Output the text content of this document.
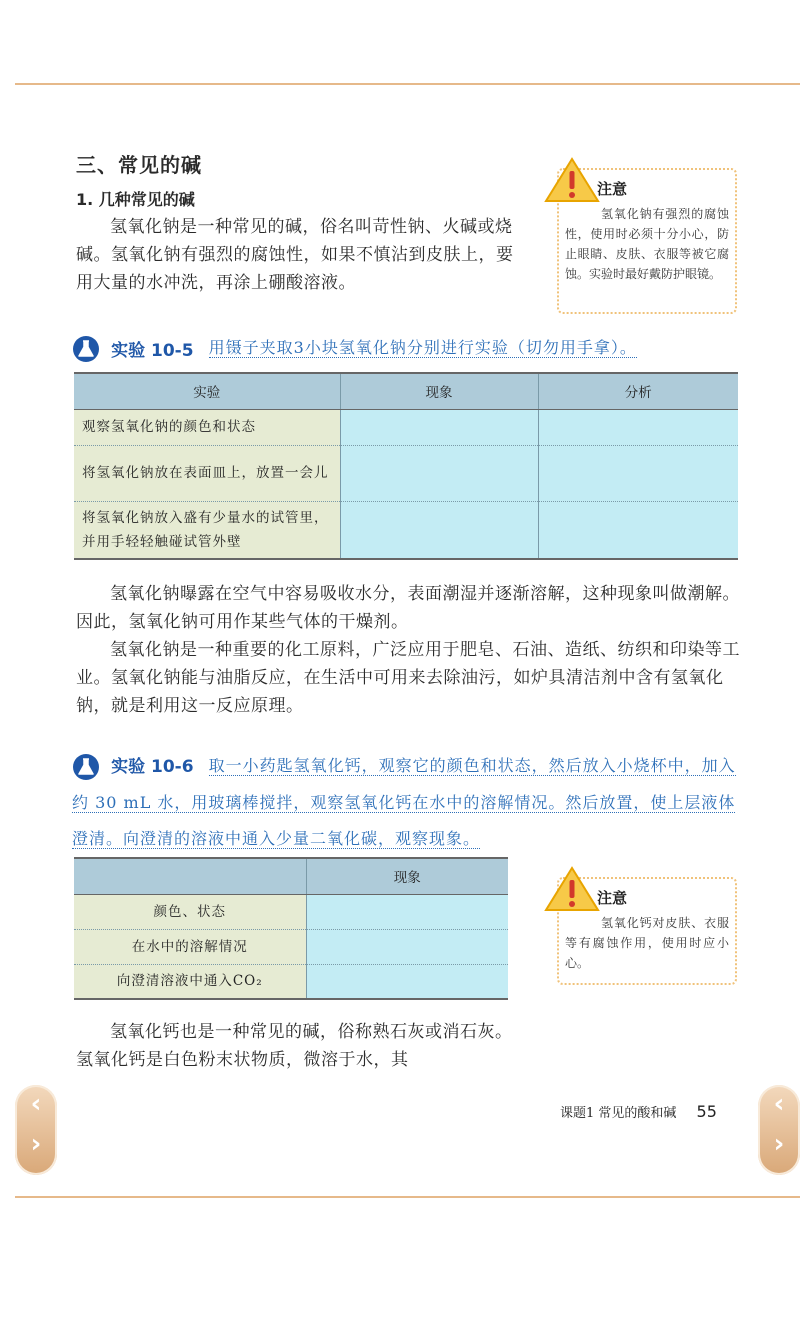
三、常见的碱
1. 几种常见的碱

氢氧化钠是一种常见的碱，俗名叫苛性钠、火碱或烧碱。氢氧化钠有强烈的腐蚀性，如果不慎沾到皮肤上，要用大量的水冲洗，再涂上硼酸溶液。

注意
氢氧化钠有强烈的腐蚀性，使用时必须十分小心，防止眼睛、皮肤、衣服等被它腐蚀。实验时最好戴防护眼镜。
实验 10-5 用镊子夹取3小块氢氧化钠分别进行实验（切勿用手拿）。
实验	现象	分析
观察氢氧化钠的颜色和状态		
将氢氧化钠放在表面皿上，放置一会儿		
将氢氧化钠放入盛有少量水的试管里，并用手轻轻触碰试管外壁		

氢氧化钠曝露在空气中容易吸收水分，表面潮湿并逐渐溶解，这种现象叫做潮解。因此，氢氧化钠可用作某些气体的干燥剂。

氢氧化钠是一种重要的化工原料，广泛应用于肥皂、石油、造纸、纺织和印染等工业。氢氧化钠能与油脂反应，在生活中可用来去除油污，如炉具清洁剂中含有氢氧化钠，就是利用这一反应原理。

实验 10-6 取一小药匙氢氧化钙，观察它的颜色和状态，然后放入小烧杯中，加入约 30 mL 水，用玻璃棒搅拌，观察氢氧化钙在水中的溶解情况。然后放置，使上层液体澄清。向澄清的溶液中通入少量二氧化碳，观察现象。
	现象
颜色、状态	
在水中的溶解情况	
向澄清溶液中通入CO₂	
注意
氢氧化钙对皮肤、衣服等有腐蚀作用，使用时应小心。

氢氧化钙也是一种常见的碱，俗称熟石灰或消石灰。氢氧化钙是白色粉末状物质，微溶于水，其

课题1 常见的酸和碱 55
‹
›
‹
›
